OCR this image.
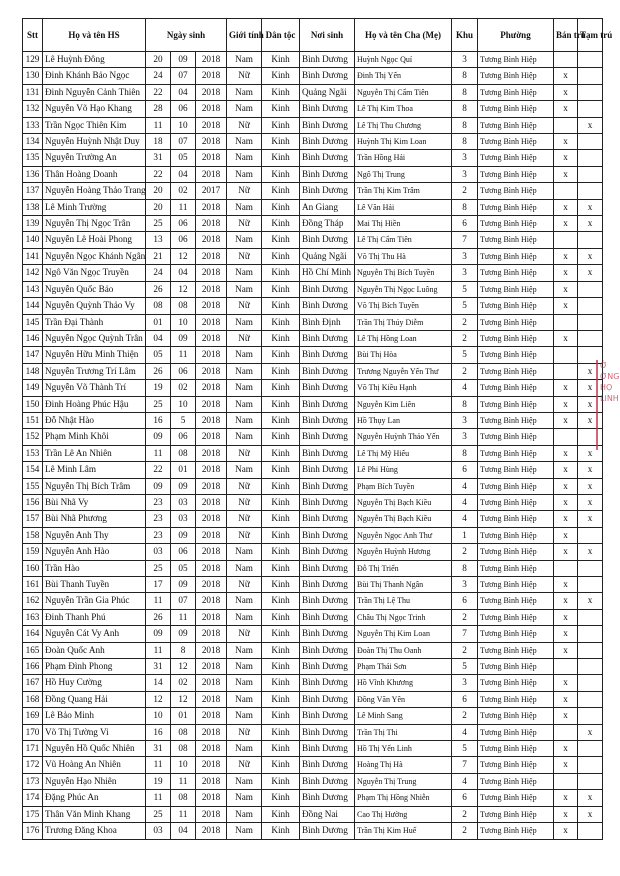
Stt	Họ và tên HS	Ngày sinh			Giới tính	Dân tộc	Nơi sinh	Họ và tên Cha (Mẹ)	Khu	Phường	Bán trú	Tạm trú
129	Lê Huỳnh Đông	20	09	2018	Nam	Kinh	Bình Dương	Huỳnh Ngọc Quí	3	Tương Bình Hiệp		
130	Đinh Khánh Bảo Ngọc	24	07	2018	Nữ	Kinh	Bình Dương	Đinh Thị Yến	8	Tương Bình Hiệp	x	
131	Đinh Nguyễn Cảnh Thiên	22	04	2018	Nam	Kinh	Quảng Ngãi	Nguyễn Thị Cẩm Tiên	8	Tương Bình Hiệp	x	
132	Nguyễn Võ Hạo Khang	28	06	2018	Nam	Kinh	Bình Dương	Lê Thị Kim Thoa	8	Tương Bình Hiệp	x	
133	Trần Ngọc Thiên Kim	11	10	2018	Nữ	Kinh	Bình Dương	Lê Thị Thu Chương	8	Tương Bình Hiệp		x
134	Nguyễn Huỳnh Nhật Duy	18	07	2018	Nam	Kinh	Bình Dương	Huỳnh Thị Kim Loan	8	Tương Bình Hiệp	x	
135	Nguyễn Trường An	31	05	2018	Nam	Kinh	Bình Dương	Trần Hồng Hải	3	Tương Bình Hiệp	x	
136	Thân Hoàng Doanh	22	04	2018	Nam	Kinh	Bình Dương	Ngô Thị Trung	3	Tương Bình Hiệp	x	
137	Nguyễn Hoàng Thảo Trang	20	02	2017	Nữ	Kinh	Bình Dương	Trần Thị Kim Trâm	2	Tương Bình Hiệp		
138	Lê Minh Trường	20	11	2018	Nam	Kinh	An Giang	Lê Văn Hải	8	Tương Bình Hiệp	x	x
139	Nguyễn Thị Ngọc Trân	25	06	2018	Nữ	Kinh	Đồng Tháp	Mai Thị Hiền	6	Tương Bình Hiệp	x	x
140	Nguyễn Lê Hoài Phong	13	06	2018	Nam	Kinh	Bình Dương	Lê Thị Cẩm Tiên	7	Tương Bình Hiệp		
141	Nguyễn Ngọc Khánh Ngân	21	12	2018	Nữ	Kinh	Quảng Ngãi	Võ Thị Thu Hà	3	Tương Bình Hiệp	x	x
142	Ngô Văn Ngọc Truyền	24	04	2018	Nam	Kinh	Hồ Chí Minh	Nguyễn Thị Bích Tuyền	3	Tương Bình Hiệp	x	x
143	Nguyễn Quốc Bảo	26	12	2018	Nam	Kinh	Bình Dương	Nguyễn Thị Ngọc Luông	5	Tương Bình Hiệp	x	
144	Nguyễn Quỳnh Thảo Vy	08	08	2018	Nữ	Kinh	Bình Dương	Võ Thị Bích Tuyền	5	Tương Bình Hiệp	x	
145	Trần Đại Thành	01	10	2018	Nam	Kinh	Bình Định	Trần Thị Thúy Diễm	2	Tương Bình Hiệp		
146	Nguyễn Ngọc Quỳnh Trân	04	09	2018	Nữ	Kinh	Bình Dương	Lê Thị Hồng Loan	2	Tương Bình Hiệp	x	
147	Nguyễn Hữu Minh Thiện	05	11	2018	Nam	Kinh	Bình Dương	Bùi Thị Hòa	5	Tương Bình Hiệp		
148	Nguyễn Trương Trí Lâm	26	06	2018	Nam	Kinh	Bình Dương	Trương Nguyễn Yến Thư	2	Tương Bình Hiệp		x
149	Nguyễn Võ Thành Trí	19	02	2018	Nam	Kinh	Bình Dương	Võ Thị Kiều Hạnh	4	Tương Bình Hiệp	x	x
150	Đinh Hoàng Phúc Hậu	25	10	2018	Nam	Kinh	Bình Dương	Nguyễn Kim Liên	8	Tương Bình Hiệp	x	x
151	Đỗ Nhật Hào	16	5	2018	Nam	Kinh	Bình Dương	Hồ Thụy Lan	3	Tương Bình Hiệp	x	x
152	Phạm Minh Khôi	09	06	2018	Nam	Kinh	Bình Dương	Nguyễn Huỳnh Thảo Yến	3	Tương Bình Hiệp		
153	Trần Lê An Nhiên	11	08	2018	Nữ	Kinh	Bình Dương	Lê Thị Mỹ Hiếu	8	Tương Bình Hiệp	x	x
154	Lê Minh Lâm	22	01	2018	Nam	Kinh	Bình Dương	Lê Phi Hùng	6	Tương Bình Hiệp	x	x
155	Nguyễn Thị Bích Trâm	09	09	2018	Nữ	Kinh	Bình Dương	Phạm Bích Tuyền	4	Tương Bình Hiệp	x	x
156	Bùi Nhã Vy	23	03	2018	Nữ	Kinh	Bình Dương	Nguyễn Thị Bạch Kiều	4	Tương Bình Hiệp	x	x
157	Bùi Nhã Phương	23	03	2018	Nữ	Kinh	Bình Dương	Nguyễn Thị Bạch Kiều	4	Tương Bình Hiệp	x	x
158	Nguyễn Anh Thy	23	09	2018	Nữ	Kinh	Bình Dương	Nguyễn Ngọc Anh Thư	1	Tương Bình Hiệp	x	
159	Nguyễn Anh Hào	03	06	2018	Nam	Kinh	Bình Dương	Nguyễn Huỳnh Hương	2	Tương Bình Hiệp	x	x
160	Trần Hào	25	05	2018	Nam	Kinh	Bình Dương	Đỗ Thị Triển	8	Tương Bình Hiệp		
161	Bùi Thanh Tuyền	17	09	2018	Nữ	Kinh	Bình Dương	Bùi Thị Thanh Ngân	3	Tương Bình Hiệp	x	
162	Nguyễn Trần Gia Phúc	11	07	2018	Nam	Kinh	Bình Dương	Trần Thị Lệ Thu	6	Tương Bình Hiệp	x	x
163	Đinh Thanh Phú	26	11	2018	Nam	Kinh	Bình Dương	Châu Thị Ngọc Trinh	2	Tương Bình Hiệp	x	
164	Nguyễn Cát Vy Anh	09	09	2018	Nữ	Kinh	Bình Dương	Nguyễn Thị Kim Loan	7	Tương Bình Hiệp	x	
165	Đoàn Quốc Anh	11	8	2018	Nam	Kinh	Bình Dương	Đoàn Thị Thu Oanh	2	Tương Bình Hiệp	x	
166	Phạm Đình Phong	31	12	2018	Nam	Kinh	Bình Dương	Phạm Thái Sơn	5	Tương Bình Hiệp		
167	Hồ Huy Cường	14	02	2018	Nam	Kinh	Bình Dương	Hồ Vĩnh Khương	3	Tương Bình Hiệp	x	
168	Đồng Quang Hải	12	12	2018	Nam	Kinh	Bình Dương	Đồng Văn Yên	6	Tương Bình Hiệp	x	
169	Lê Bảo Minh	10	01	2018	Nam	Kinh	Bình Dương	Lê Minh Sang	2	Tương Bình Hiệp	x	
170	Võ Thị Tường Vi	16	08	2018	Nữ	Kinh	Bình Dương	Trần Thị Thi	4	Tương Bình Hiệp		x
171	Nguyễn Hồ Quốc Nhiên	31	08	2018	Nam	Kinh	Bình Dương	Hồ Thị Yến Linh	5	Tương Bình Hiệp	x	
172	Vũ Hoàng An Nhiên	11	10	2018	Nữ	Kinh	Bình Dương	Hoàng Thị Hà	7	Tương Bình Hiệp	x	
173	Nguyễn Hạo Nhiên	19	11	2018	Nam	Kinh	Bình Dương	Nguyễn Thị Trung	4	Tương Bình Hiệp		
174	Đặng Phúc An	11	08	2018	Nam	Kinh	Bình Dương	Phạm Thị Hồng Nhiễn	6	Tương Bình Hiệp	x	x
175	Thân Văn Minh Khang	25	11	2018	Nam	Kinh	Đồng Nai	Cao Thị Hường	2	Tương Bình Hiệp	x	x
176	Trương Đăng Khoa	03	04	2018	Nam	Kinh	Bình Dương	Trần Thị Kim Huế	2	Tương Bình Hiệp	x	
Ớ
ỜNG
HỌ
LINH
